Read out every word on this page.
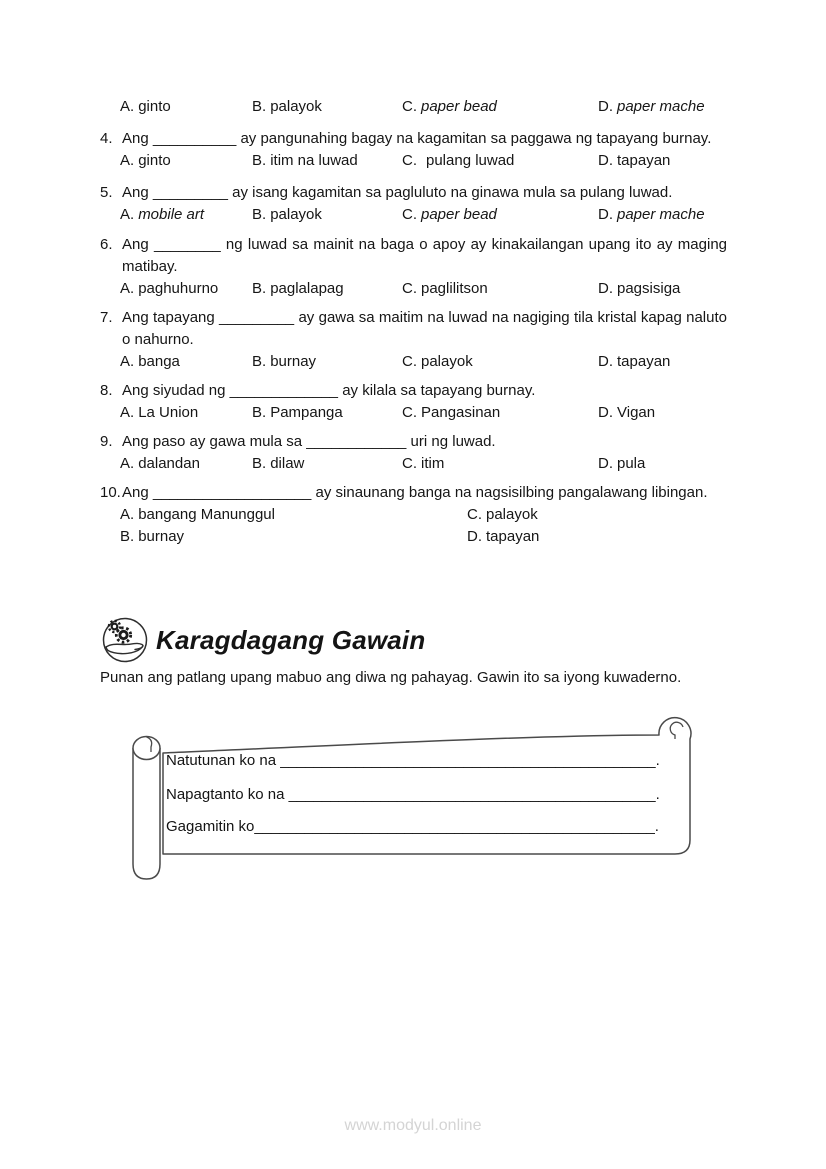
A. ginto	B. palayok	C. paper bead	D. paper mache
4. Ang __________ ay pangunahing bagay na kagamitan sa paggawa ng tapayang burnay.

A. ginto	B. itim na luwad	C. pulang luwad	D. tapayan
5. Ang _________ ay isang kagamitan sa pagluluto na ginawa mula sa pulang luwad.

A. mobile art	B. palayok	C. paper bead	D. paper mache
6. Ang ________ ng luwad sa mainit na baga o apoy ay kinakailangan upang ito ay maging matibay.

A. paghuhurno	B. paglalapag	C. paglilitson	D. pagsisiga
7. Ang tapayang _________ ay gawa sa maitim na luwad na nagiging tila kristal kapag naluto o nahurno.

A. banga	B. burnay	C. palayok	D. tapayan
8. Ang siyudad ng _____________ ay kilala sa tapayang burnay.

A. La Union	B. Pampanga	C. Pangasinan	D. Vigan
9. Ang paso ay gawa mula sa ____________ uri ng luwad.

A. dalandan	B. dilaw	C. itim	D. pula
10. Ang ___________________ ay sinaunang banga na nagsisilbing pangalawang libingan.

A. bangang Manunggul	C. palayok
B. burnay	D. tapayan
Karagdagang Gawain

Punan ang patlang upang mabuo ang diwa ng pahayag. Gawin ito sa iyong kuwaderno.

Natutunan ko na _____________________________________________.
Napagtanto ko na ____________________________________________.
Gagamitin ko________________________________________________.
www.modyul.online
